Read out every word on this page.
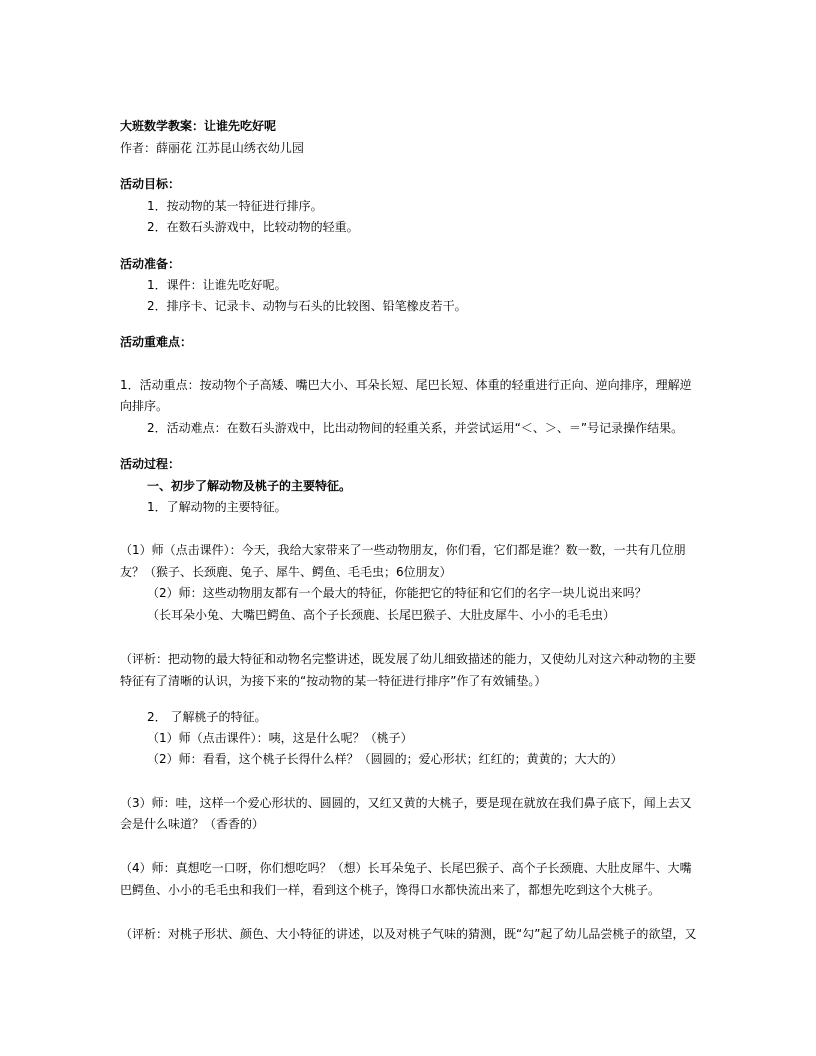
大班数学教案：让谁先吃好呢
作者：薛丽花 江苏昆山绣衣幼儿园
活动目标：
1．按动物的某一特征进行排序。
2．在数石头游戏中，比较动物的轻重。
活动准备：
1．课件：让谁先吃好呢。
2．排序卡、记录卡、动物与石头的比较图、铅笔橡皮若干。
活动重难点：
1．活动重点：按动物个子高矮、嘴巴大小、耳朵长短、尾巴长短、体重的轻重进行正向、逆向排序，理解逆
向排序。
2．活动难点：在数石头游戏中，比出动物间的轻重关系，并尝试运用“＜、＞、＝”号记录操作结果。
活动过程：
一、初步了解动物及桃子的主要特征。
1．了解动物的主要特征。
（1）师（点击课件）：今天，我给大家带来了一些动物朋友，你们看，它们都是谁？数一数，一共有几位朋
友？（猴子、长颈鹿、兔子、犀牛、鳄鱼、毛毛虫；6位朋友）
（2）师：这些动物朋友都有一个最大的特征，你能把它的特征和它们的名字一块儿说出来吗？
（长耳朵小兔、大嘴巴鳄鱼、高个子长颈鹿、长尾巴猴子、大肚皮犀牛、小小的毛毛虫）
（评析：把动物的最大特征和动物名完整讲述，既发展了幼儿细致描述的能力，又使幼儿对这六种动物的主要
特征有了清晰的认识，为接下来的“按动物的某一特征进行排序”作了有效铺垫。）
2． 了解桃子的特征。
（1）师（点击课件）：咦，这是什么呢？（桃子）
（2）师：看看，这个桃子长得什么样？（圆圆的；爱心形状；红红的；黄黄的；大大的）
（3）师：哇，这样一个爱心形状的、圆圆的，又红又黄的大桃子，要是现在就放在我们鼻子底下，闻上去又
会是什么味道？（香香的）
（4）师：真想吃一口呀，你们想吃吗？（想）长耳朵兔子、长尾巴猴子、高个子长颈鹿、大肚皮犀牛、大嘴
巴鳄鱼、小小的毛毛虫和我们一样，看到这个桃子，馋得口水都快流出来了，都想先吃到这个大桃子。
（评析：对桃子形状、颜色、大小特征的讲述，以及对桃子气味的猜测，既“勾”起了幼儿品尝桃子的欲望，又
